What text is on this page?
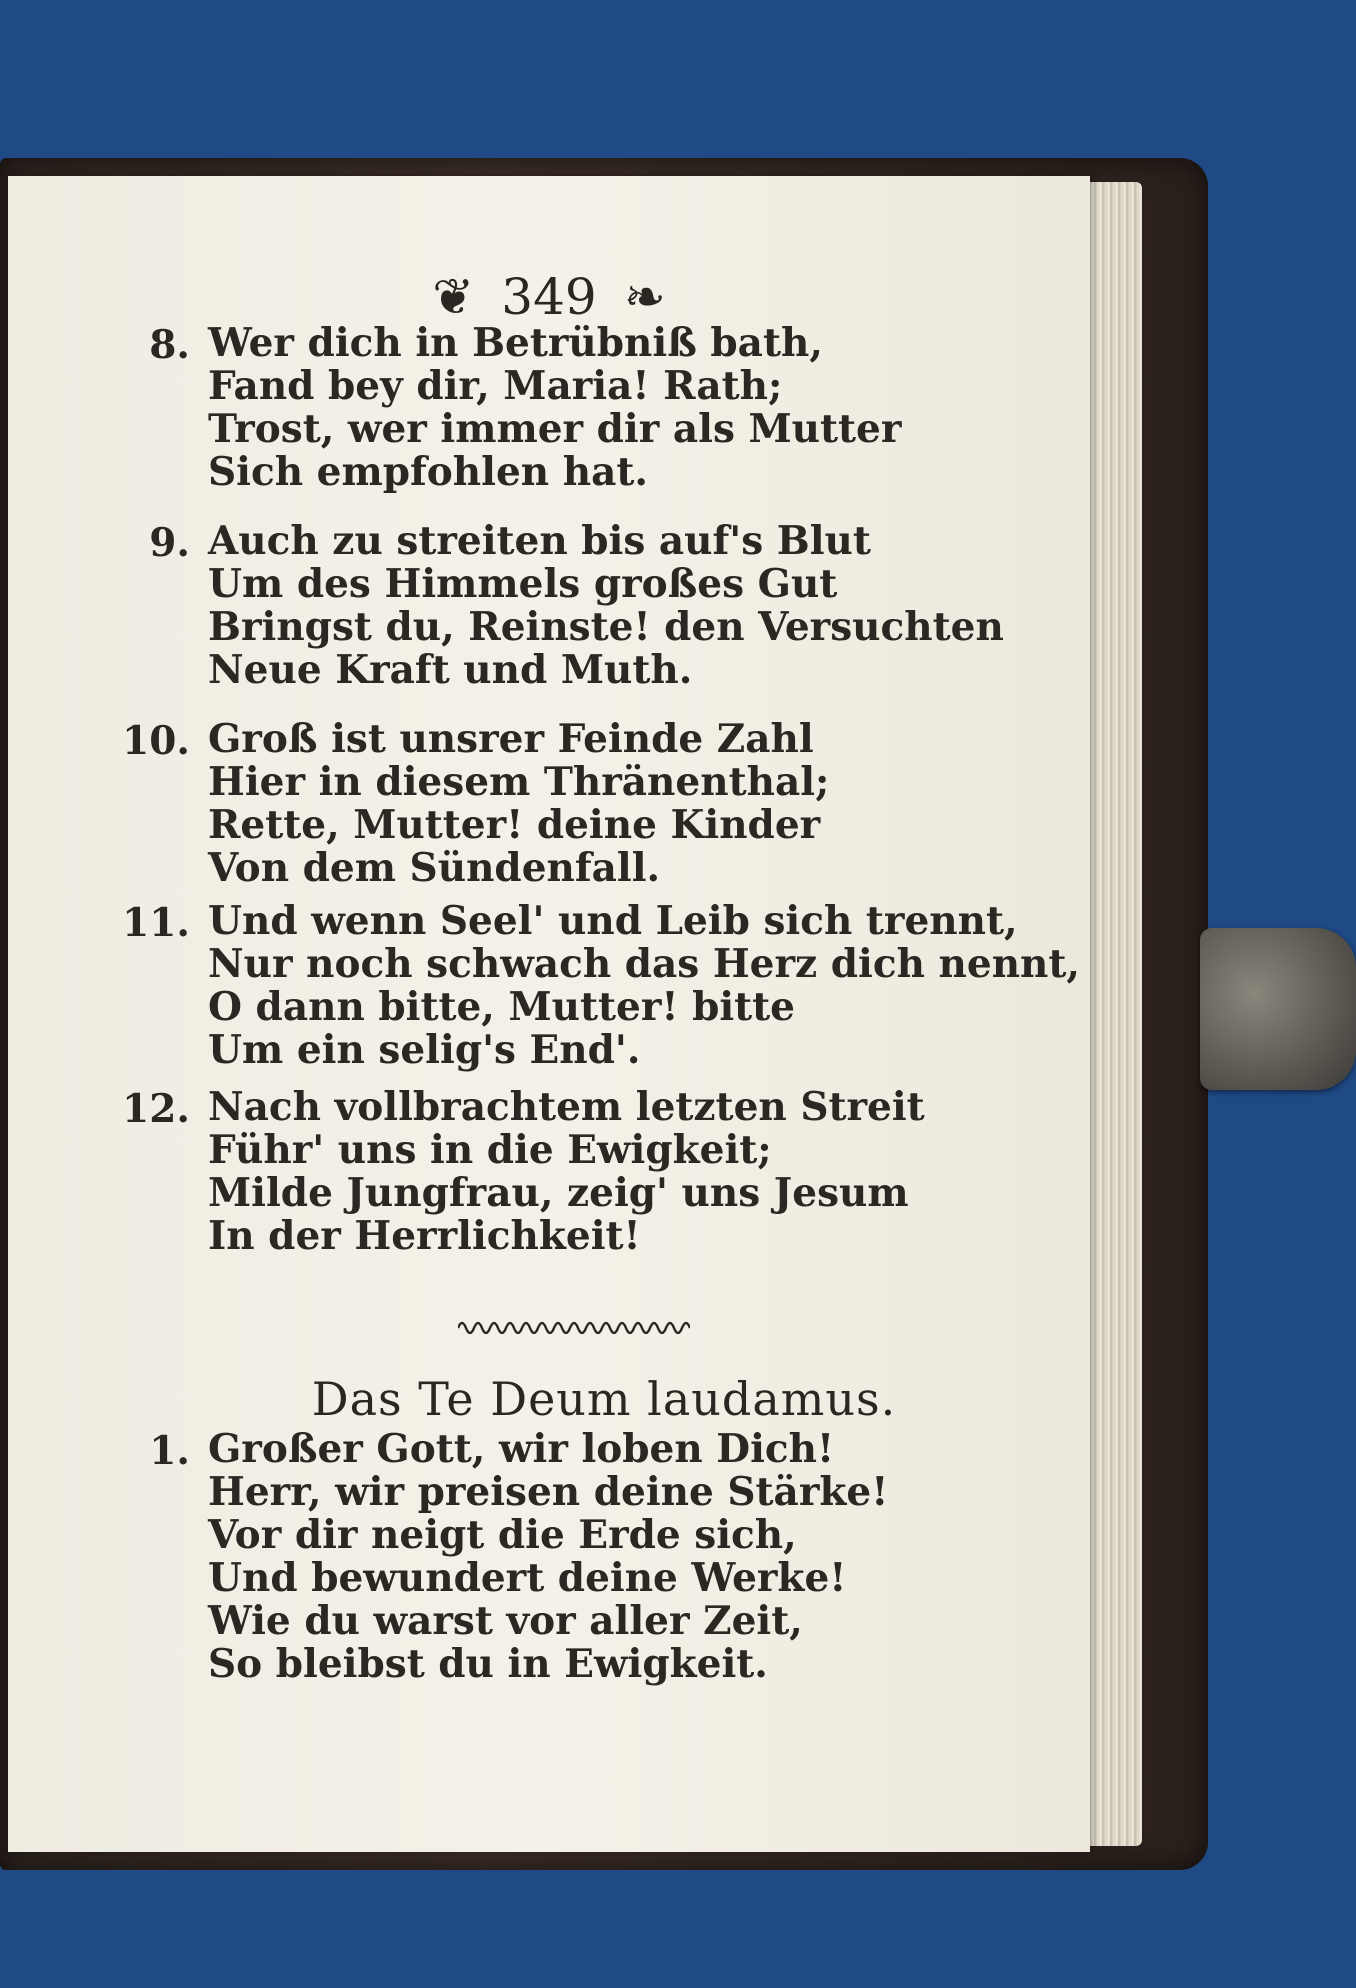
❦ 349 ❧
8. Wer dich in Betrübniß bath,
Fand bey dir, Maria! Rath;
Trost, wer immer dir als Mutter
Sich empfohlen hat.
9. Auch zu streiten bis auf's Blut
Um des Himmels großes Gut
Bringst du, Reinste! den Versuchten
Neue Kraft und Muth.
10. Groß ist unsrer Feinde Zahl
Hier in diesem Thränenthal;
Rette, Mutter! deine Kinder
Von dem Sündenfall.
11. Und wenn Seel' und Leib sich trennt,
Nur noch schwach das Herz dich nennt,
O dann bitte, Mutter! bitte
Um ein selig's End'.
12. Nach vollbrachtem letzten Streit
Führ' uns in die Ewigkeit;
Milde Jungfrau, zeig' uns Jesum
In der Herrlichkeit!
Das Te Deum laudamus.
1. Großer Gott, wir loben Dich!
Herr, wir preisen deine Stärke!
Vor dir neigt die Erde sich,
Und bewundert deine Werke!
Wie du warst vor aller Zeit,
So bleibst du in Ewigkeit.
